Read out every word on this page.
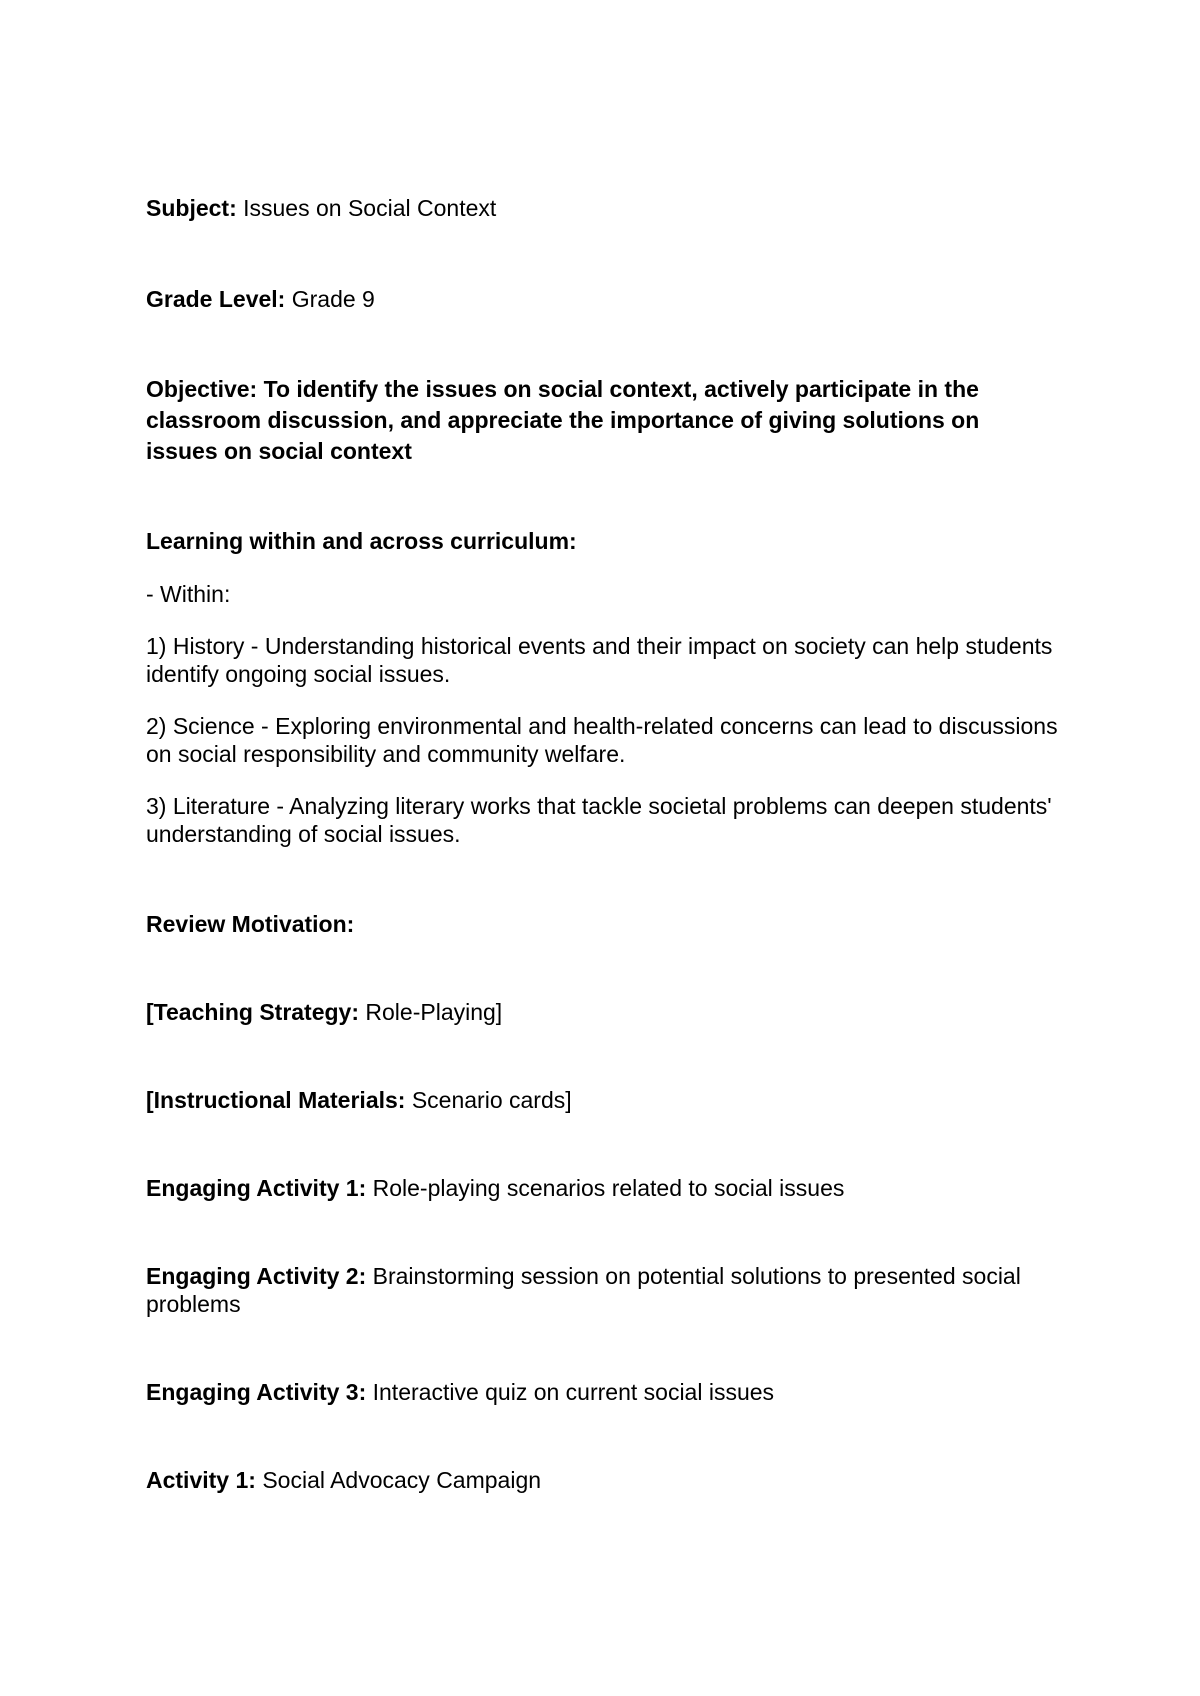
Subject: Issues on Social Context

Grade Level: Grade 9

Objective: To identify the issues on social context, actively participate in the classroom discussion, and appreciate the importance of giving solutions on issues on social context

Learning within and across curriculum:

- Within:

1) History - Understanding historical events and their impact on society can help students identify ongoing social issues.

2) Science - Exploring environmental and health-related concerns can lead to discussions on social responsibility and community welfare.

3) Literature - Analyzing literary works that tackle societal problems can deepen students' understanding of social issues.

Review Motivation:

[Teaching Strategy: Role-Playing]

[Instructional Materials: Scenario cards]

Engaging Activity 1: Role-playing scenarios related to social issues

Engaging Activity 2: Brainstorming session on potential solutions to presented social problems

Engaging Activity 3: Interactive quiz on current social issues

Activity 1: Social Advocacy Campaign
